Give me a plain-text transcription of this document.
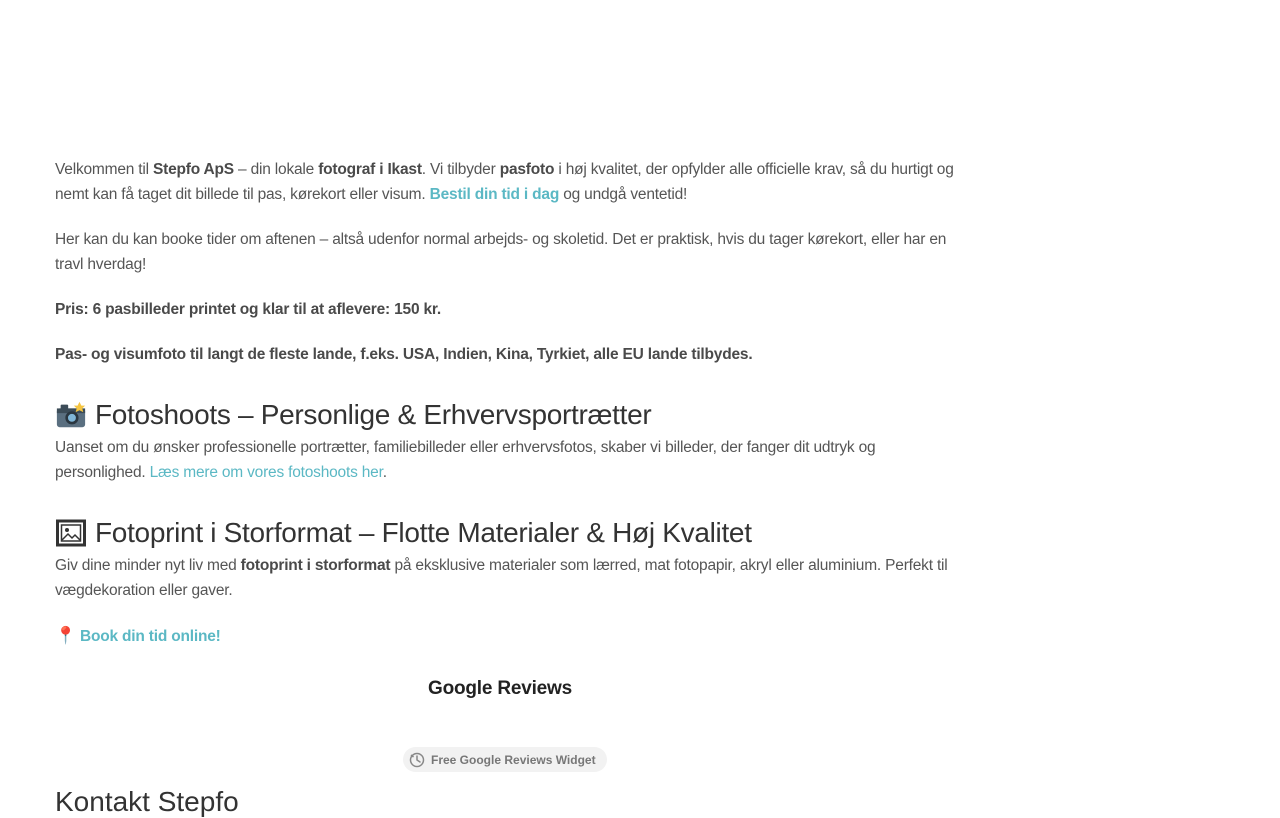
Velkommen til Stepfo ApS – din lokale fotograf i Ikast. Vi tilbyder pasfoto i høj kvalitet, der opfylder alle officielle krav, så du hurtigt og nemt kan få taget dit billede til pas, kørekort eller visum. Bestil din tid i dag og undgå ventetid!

Her kan du kan booke tider om aftenen – altså udenfor normal arbejds- og skoletid. Det er praktisk, hvis du tager kørekort, eller har en travl hverdag!

Pris: 6 pasbilleder printet og klar til at aflevere: 150 kr.

Pas- og visumfoto til langt de fleste lande, f.eks. USA, Indien, Kina, Tyrkiet, alle EU lande tilbydes.

Fotoshoots – Personlige & Erhvervsportrætter

Uanset om du ønsker professionelle portrætter, familiebilleder eller erhvervsfotos, skaber vi billeder, der fanger dit udtryk og personlighed. Læs mere om vores fotoshoots her.

Fotoprint i Storformat – Flotte Materialer & Høj Kvalitet

Giv dine minder nyt liv med fotoprint i storformat på eksklusive materialer som lærred, mat fotopapir, akryl eller aluminium. Perfekt til vægdekoration eller gaver.

📍 Book din tid online!

Google Reviews
Free Google Reviews Widget
Kontakt Stepfo
